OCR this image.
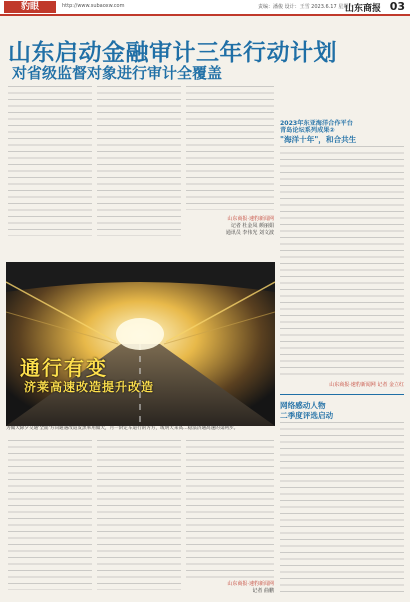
豹眼	http://www.subaoxw.com	责编：潘俊 设计：王雪 2023.6.17 星期六
山东商报 03
山东启动金融审计三年行动计划
对省级监督对象进行审计全覆盖
山东商报·速豹新闻网
记者 杜金凤 颜丽娟
通讯员 李伟光 刘文波
通行有变
济莱高速改造提升改造
为做大除夕交通'全面'方向通遇改道发黑率用做大，月一阶定车道行的方方，或明天来高…稳法济通高速的第两步。
山东商报·速豹新闻网
记者 曲鹏
2023年东亚海洋合作平台
青岛论坛系列成果②
"海洋十年"，和合共生
山东商报·速豹新闻网 记者 金立红
网络感动人物
二季度评选启动
